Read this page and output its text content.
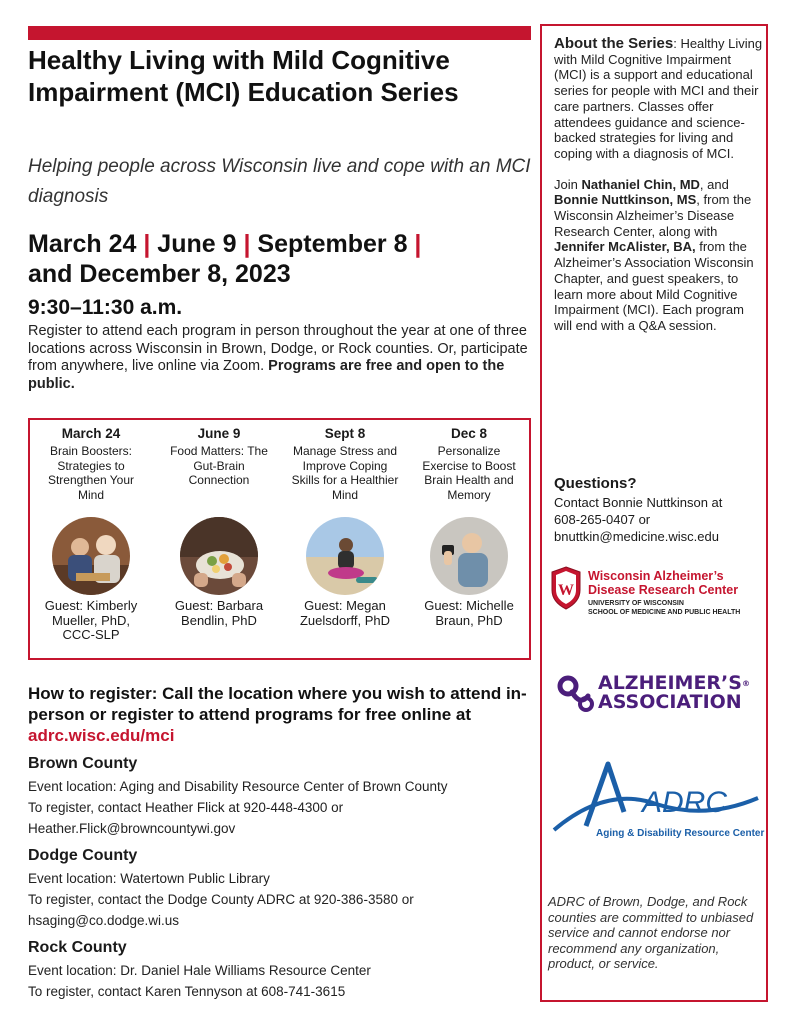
Healthy Living with Mild Cognitive Impairment (MCI) Education Series
Helping people across Wisconsin live and cope with an MCI diagnosis
March 24 | June 9 | September 8 |
and December 8, 2023
9:30–11:30 a.m.

Register to attend each program in person throughout the year at one of three locations across Wisconsin in Brown, Dodge, or Rock counties. Or, participate from anywhere, live online via Zoom. Programs are free and open to the public.

March 24
Brain Boosters: Strategies to Strengthen Your Mind
Guest: Kimberly Mueller, PhD, CCC-SLP
June 9
Food Matters: The Gut-Brain Connection
Guest: Barbara Bendlin, PhD
Sept 8
Manage Stress and Improve Coping Skills for a Healthier Mind
Guest: Megan Zuelsdorff, PhD
Dec 8
Personalize Exercise to Boost Brain Health and Memory
Guest: Michelle Braun, PhD
How to register: Call the location where you wish to attend in-person or register to attend programs for free online at adrc.wisc.edu/mci
Brown County

Event location: Aging and Disability Resource Center of Brown County

To register, contact Heather Flick at 920-448-4300 or

Heather.Flick@browncountywi.gov

Dodge County

Event location: Watertown Public Library

To register, contact the Dodge County ADRC at 920-386-3580 or

hsaging@co.dodge.wi.us

Rock County

Event location: Dr. Daniel Hale Williams Resource Center

To register, contact Karen Tennyson at 608-741-3615

About the Series: Healthy Living with Mild Cognitive Impairment (MCI) is a support and educational series for people with MCI and their care partners. Classes offer attendees guidance and science-backed strategies for living and coping with a diagnosis of MCI.

Join Nathaniel Chin, MD, and Bonnie Nuttkinson, MS, from the Wisconsin Alzheimer’s Disease Research Center, along with Jennifer McAlister, BA, from the Alzheimer’s Association Wisconsin Chapter, and guest speakers, to learn more about Mild Cognitive Impairment (MCI). Each program will end with a Q&A session.

Questions?

Contact Bonnie Nuttkinson at

608-265-0407 or

bnuttkin@medicine.wisc.edu

W
Wisconsin Alzheimer’s Disease Research Center
UNIVERSITY OF WISCONSIN
SCHOOL OF MEDICINE AND PUBLIC HEALTH
ALZHEIMER’S®
ASSOCIATION
ADRC
Aging & Disability Resource Center

ADRC of Brown, Dodge, and Rock counties are committed to unbiased service and cannot endorse nor recommend any organization, product, or service.
